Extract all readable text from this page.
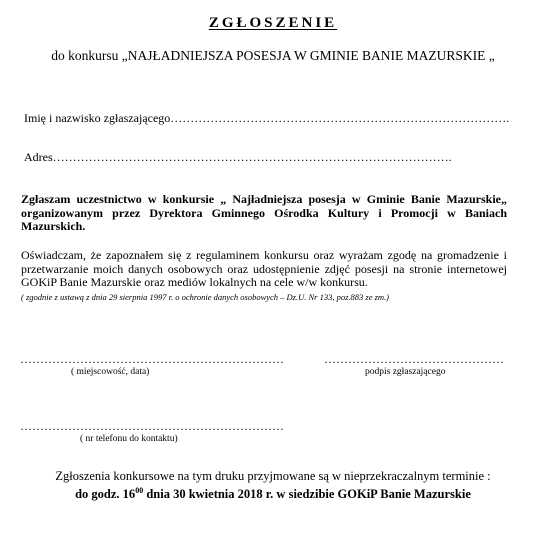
ZGŁOSZENIE
do konkursu „NAJŁADNIEJSZA POSESJA W GMINIE BANIE MAZURSKIE „
Imię i nazwisko zgłaszającego………………………………………………………………………….
Adres……………………………………………………………………………………….
Zgłaszam uczestnictwo w konkursie „ Najładniejsza posesja w Gminie Banie Mazurskie„ organizowanym przez Dyrektora Gminnego Ośrodka Kultury i Promocji w Baniach Mazurskich.
Oświadczam, że zapoznałem się z regulaminem konkursu oraz wyrażam zgodę na gromadzenie i przetwarzanie moich danych osobowych oraz udostępnienie zdjęć posesji na stronie internetowej GOKiP Banie Mazurskie oraz mediów lokalnych na cele w/w konkursu.
( zgodnie z ustawą z dnia 29 sierpnia 1997 r. o ochronie danych osobowych – Dz.U. Nr 133, poz.883 ze zm.)
…………………………………………………………
( miejscowość, data)
………………………………………
podpis zgłaszającego
…………………………………………………………
( nr telefonu do kontaktu)
Zgłoszenia konkursowe na tym druku przyjmowane są w nieprzekraczalnym terminie :
do godz. $16^{00}$ dnia 30 kwietnia 2018 r. w siedzibie GOKiP Banie Mazurskie
